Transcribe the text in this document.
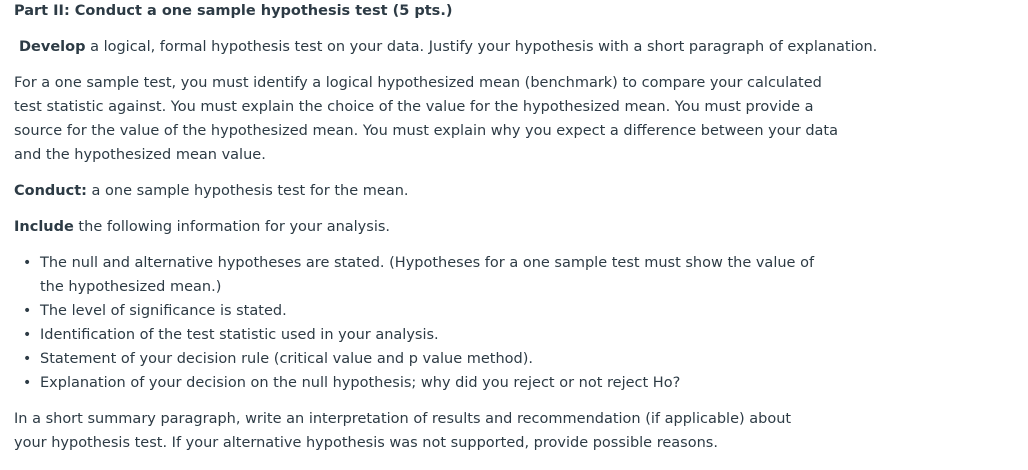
Part II: Conduct a one sample hypothesis test (5 pts.)

Develop a logical, formal hypothesis test on your data. Justify your hypothesis with a short paragraph of explanation.

For a one sample test, you must identify a logical hypothesized mean (benchmark) to compare your calculated test statistic against. You must explain the choice of the value for the hypothesized mean. You must provide a source for the value of the hypothesized mean. You must explain why you expect a difference between your data and the hypothesized mean value.

Conduct: a one sample hypothesis test for the mean.

Include the following information for your analysis.

• The null and alternative hypotheses are stated. (Hypotheses for a one sample test must show the value of the hypothesized mean.)
• The level of significance is stated.
• Identification of the test statistic used in your analysis.
• Statement of your decision rule (critical value and p value method).
• Explanation of your decision on the null hypothesis; why did you reject or not reject Ho?

In a short summary paragraph, write an interpretation of results and recommendation (if applicable) about your hypothesis test. If your alternative hypothesis was not supported, provide possible reasons.
